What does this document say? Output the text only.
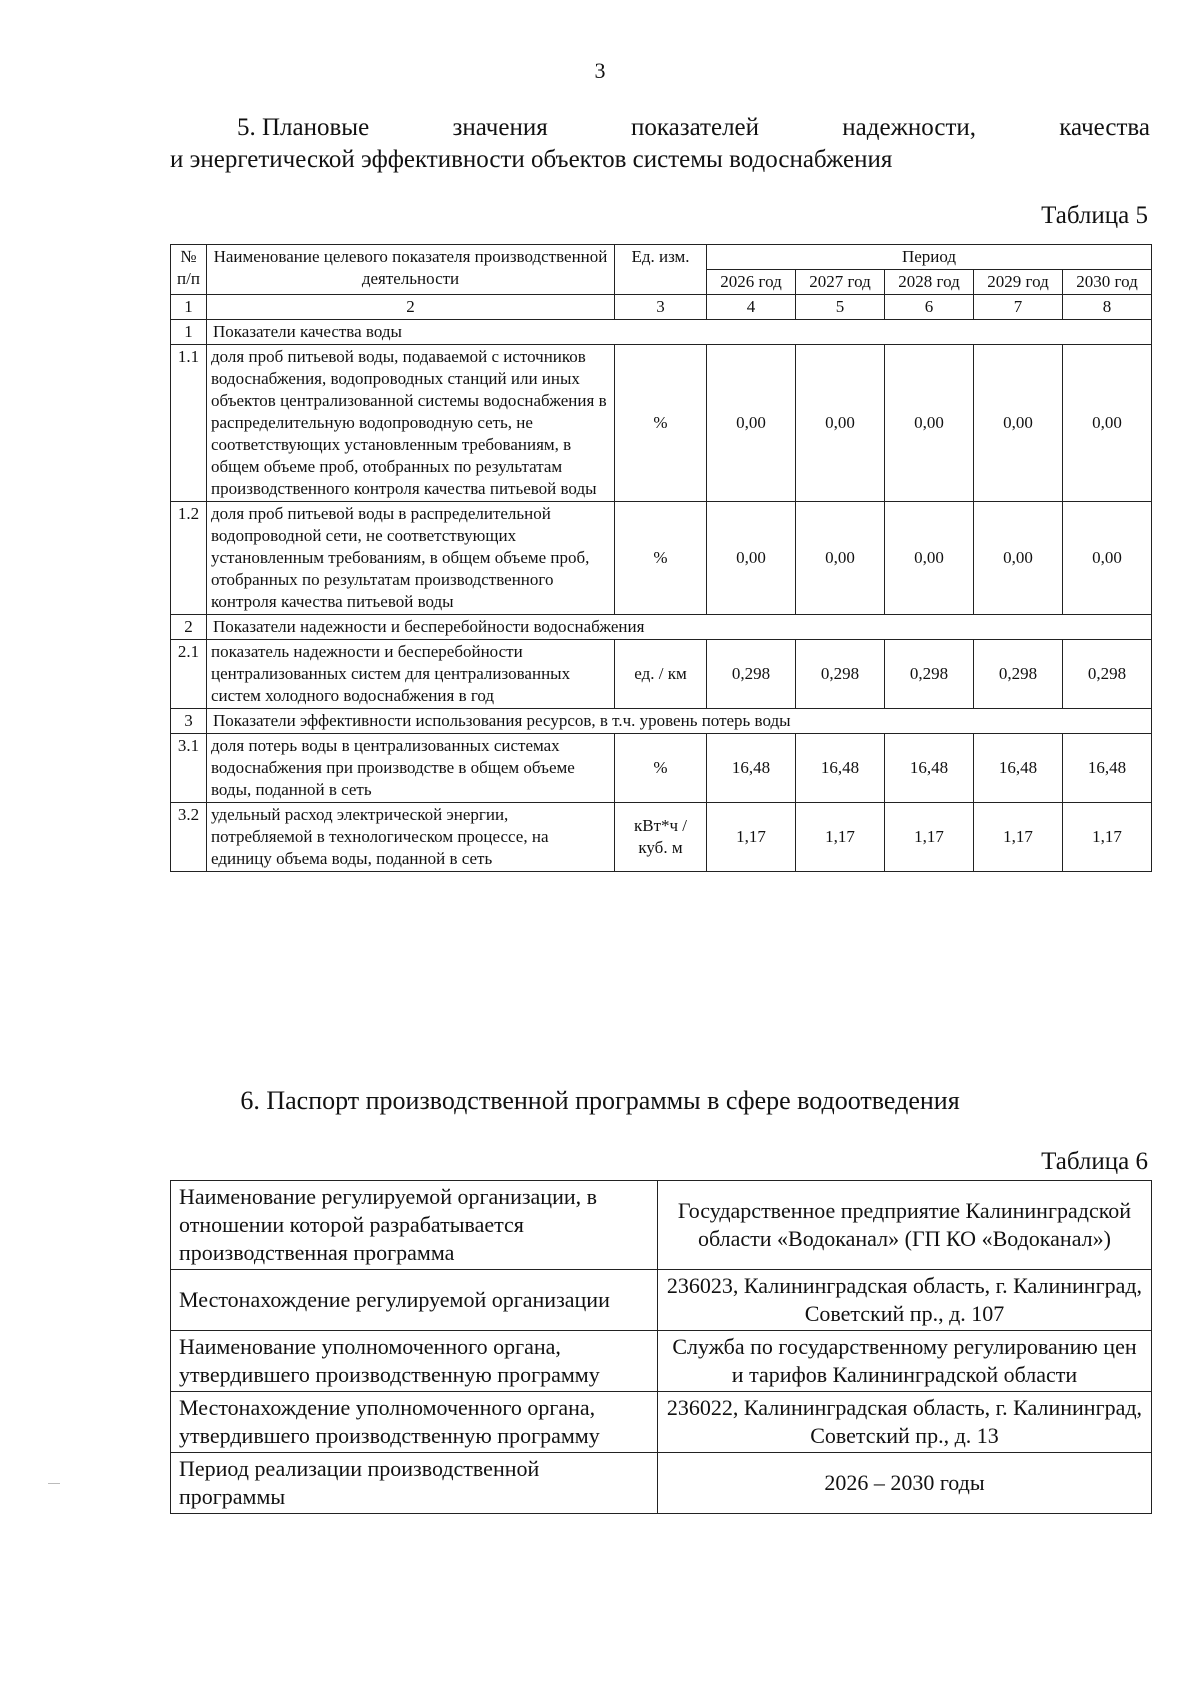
3
5. Плановые	значения	показателей	надежности,	качества
и энергетической эффективности объектов системы водоснабжения
Таблица 5
№ п/п	Наименование целевого показателя производственной деятельности	Ед. изм.	Период				
			2026 год	2027 год	2028 год	2029 год	2030 год
1	2	3	4	5	6	7	8
1	Показатели качества воды						
1.1	доля проб питьевой воды, подаваемой с источников водоснабжения, водопроводных станций или иных объектов централизованной системы водоснабжения в распределительную водопроводную сеть, не соответствующих установленным требованиям, в общем объеме проб, отобранных по результатам производственного контроля качества питьевой воды	%	0,00	0,00	0,00	0,00	0,00
1.2	доля проб питьевой воды в распределительной водопроводной сети, не соответствующих установленным требованиям, в общем объеме проб, отобранных по результатам производственного контроля качества питьевой воды	%	0,00	0,00	0,00	0,00	0,00
2	Показатели надежности и бесперебойности водоснабжения						
2.1	показатель надежности и бесперебойности централизованных систем для централизованных систем холодного водоснабжения в год	ед. / км	0,298	0,298	0,298	0,298	0,298
3	Показатели эффективности использования ресурсов, в т.ч. уровень потерь воды						
3.1	доля потерь воды в централизованных системах водоснабжения при производстве в общем объеме воды, поданной в сеть	%	16,48	16,48	16,48	16,48	16,48
3.2	удельный расход электрической энергии, потребляемой в технологическом процессе, на единицу объема воды, поданной в сеть	кВт*ч / куб. м	1,17	1,17	1,17	1,17	1,17
6. Паспорт производственной программы в сфере водоотведения
Таблица 6
Наименование регулируемой организации, в отношении которой разрабатывается производственная программа	Государственное предприятие Калининградской области «Водоканал» (ГП КО «Водоканал»)
Местонахождение регулируемой организации	236023, Калининградская область, г. Калининград, Советский пр., д. 107
Наименование уполномоченного органа, утвердившего производственную программу	Служба по государственному регулированию цен и тарифов Калининградской области
Местонахождение уполномоченного органа, утвердившего производственную программу	236022, Калининградская область, г. Калининград, Советский пр., д. 13
Период реализации производственной программы	2026 – 2030 годы
